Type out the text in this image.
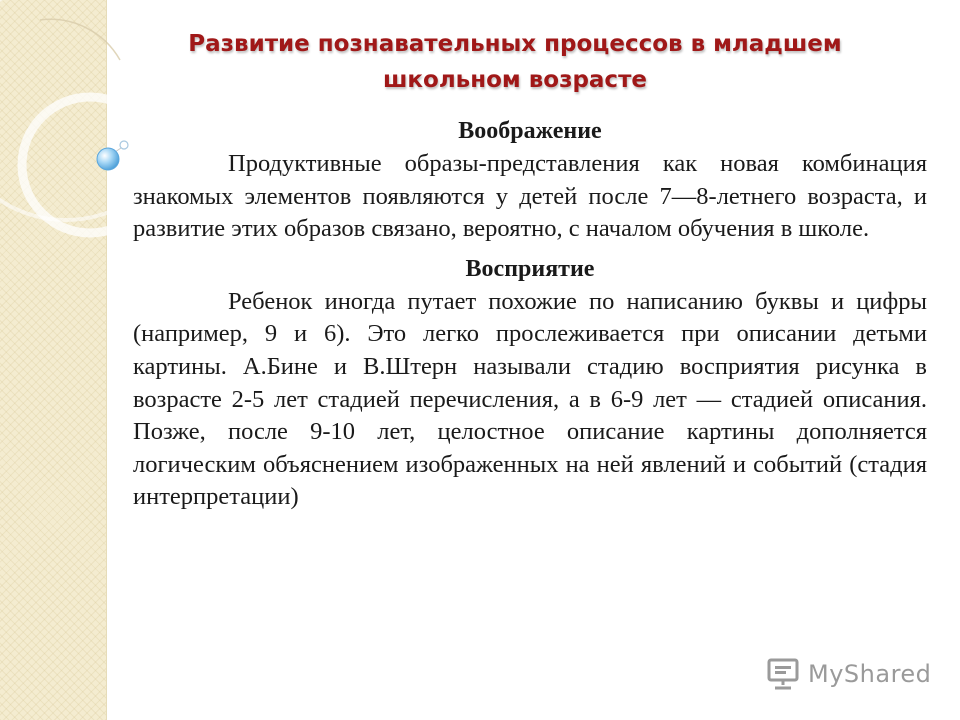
Развитие познавательных процессов в младшем школьном возрасте

Воображение

Продуктивные образы-представления как новая комбинация знакомых элементов появляются у детей после 7—8-летнего возраста, и развитие этих образов связано, вероятно, с началом обучения в школе.

Восприятие

Ребенок иногда путает похожие по написанию буквы и цифры (например, 9 и 6). Это легко прослеживается при описании детьми картины. А.Бине и В.Штерн называли стадию восприятия рисунка в возрасте 2-5 лет стадией перечисления, а в 6-9 лет — стадией описания. Позже, после 9-10 лет, целостное описание картины дополняется логическим объяснением изображенных на ней явлений и событий (стадия интерпретации)

MyShared
